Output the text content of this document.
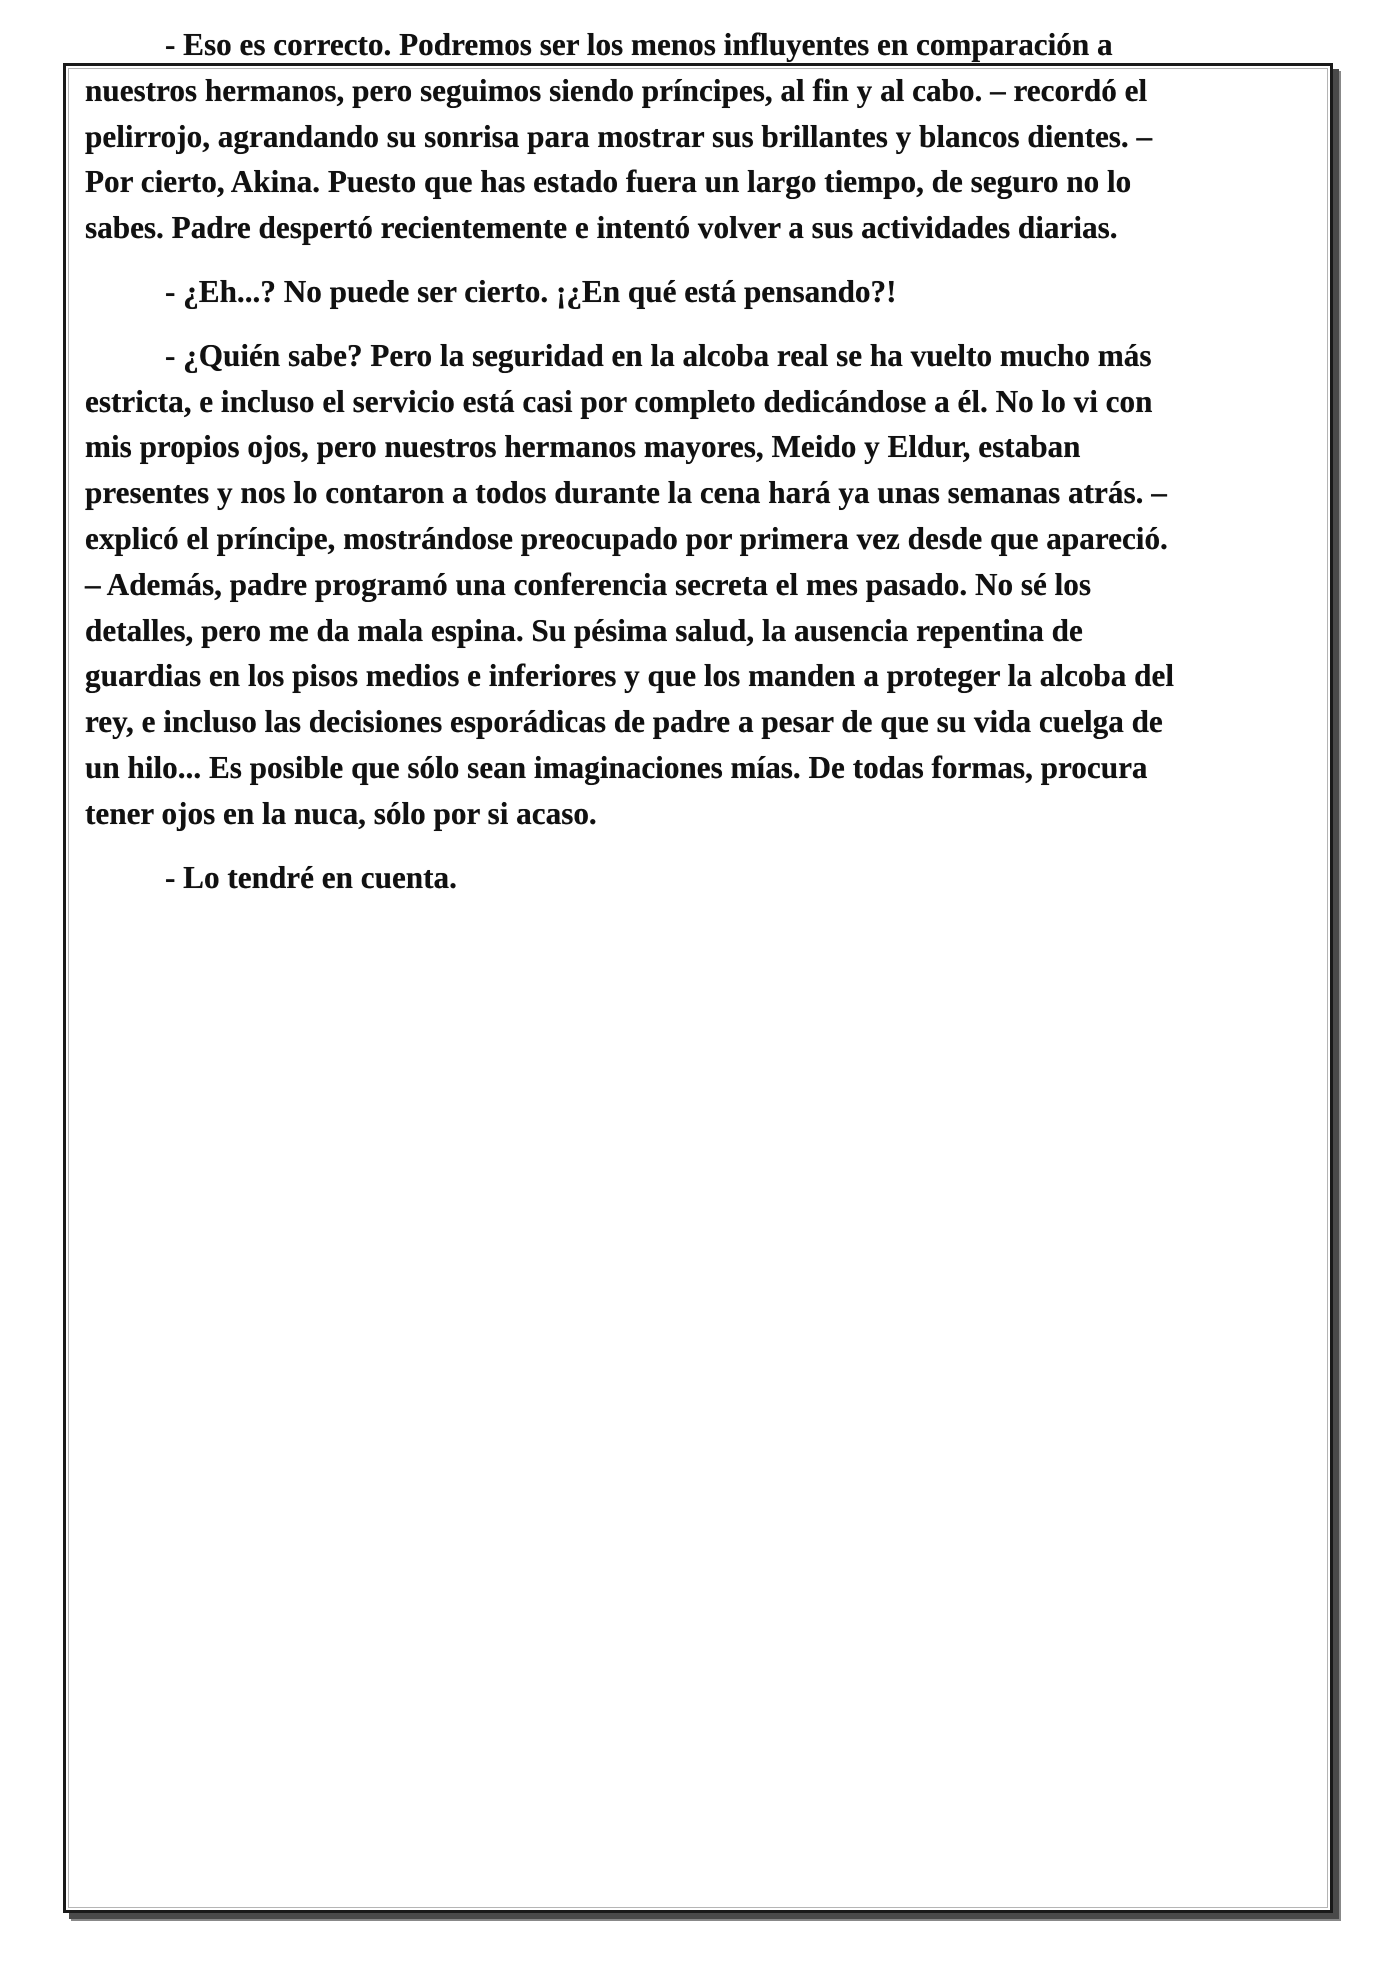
- Eso es correcto. Podremos ser los menos influyentes en comparación a
nuestros hermanos, pero seguimos siendo príncipes, al fin y al cabo. – recordó el
pelirrojo, agrandando su sonrisa para mostrar sus brillantes y blancos dientes. –
Por cierto, Akina. Puesto que has estado fuera un largo tiempo, de seguro no lo
sabes. Padre despertó recientemente e intentó volver a sus actividades diarias.
- ¿Eh...? No puede ser cierto. ¡¿En qué está pensando?!
- ¿Quién sabe? Pero la seguridad en la alcoba real se ha vuelto mucho más
estricta, e incluso el servicio está casi por completo dedicándose a él. No lo vi con
mis propios ojos, pero nuestros hermanos mayores, Meido y Eldur, estaban
presentes y nos lo contaron a todos durante la cena hará ya unas semanas atrás. –
explicó el príncipe, mostrándose preocupado por primera vez desde que apareció.
– Además, padre programó una conferencia secreta el mes pasado. No sé los
detalles, pero me da mala espina. Su pésima salud, la ausencia repentina de
guardias en los pisos medios e inferiores y que los manden a proteger la alcoba del
rey, e incluso las decisiones esporádicas de padre a pesar de que su vida cuelga de
un hilo... Es posible que sólo sean imaginaciones mías. De todas formas, procura
tener ojos en la nuca, sólo por si acaso.
- Lo tendré en cuenta.
